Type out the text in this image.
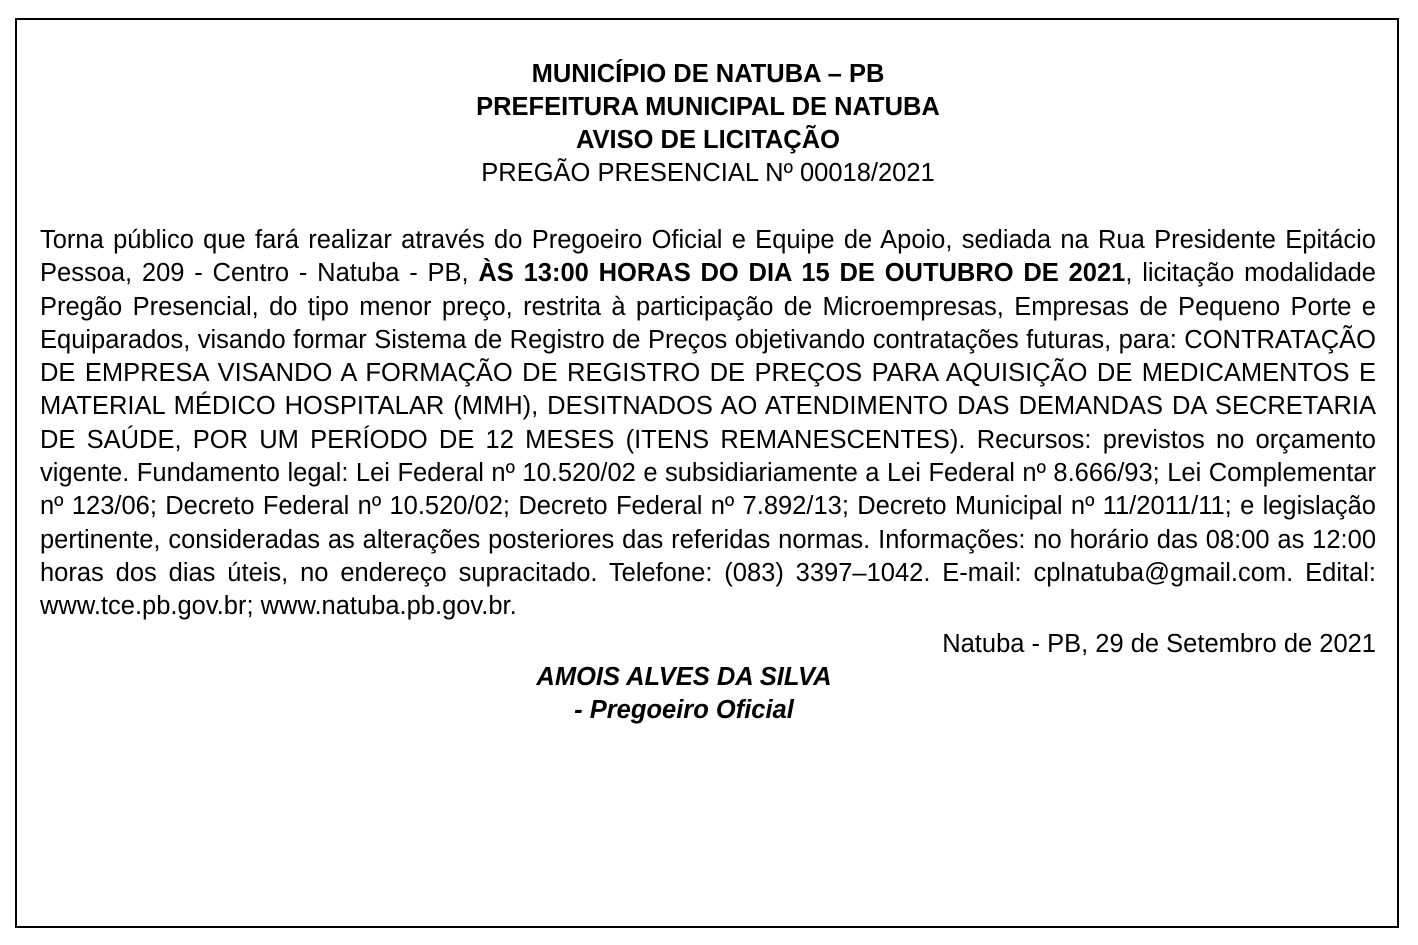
MUNICÍPIO DE NATUBA – PB
PREFEITURA MUNICIPAL DE NATUBA
AVISO DE LICITAÇÃO
PREGÃO PRESENCIAL Nº 00018/2021
Torna público que fará realizar através do Pregoeiro Oficial e Equipe de Apoio, sediada na Rua Presidente Epitácio Pessoa, 209 - Centro - Natuba - PB, ÀS 13:00 HORAS DO DIA 15 DE OUTUBRO DE 2021, licitação modalidade Pregão Presencial, do tipo menor preço, restrita à participação de Microempresas, Empresas de Pequeno Porte e Equiparados, visando formar Sistema de Registro de Preços objetivando contratações futuras, para: CONTRATAÇÃO DE EMPRESA VISANDO A FORMAÇÃO DE REGISTRO DE PREÇOS PARA AQUISIÇÃO DE MEDICAMENTOS E MATERIAL MÉDICO HOSPITALAR (MMH), DESITNADOS AO ATENDIMENTO DAS DEMANDAS DA SECRETARIA DE SAÚDE, POR UM PERÍODO DE 12 MESES (ITENS REMANESCENTES). Recursos: previstos no orçamento vigente. Fundamento legal: Lei Federal nº 10.520/02 e subsidiariamente a Lei Federal nº 8.666/93; Lei Complementar nº 123/06; Decreto Federal nº 10.520/02; Decreto Federal nº 7.892/13; Decreto Municipal nº 11/2011/11; e legislação pertinente, consideradas as alterações posteriores das referidas normas. Informações: no horário das 08:00 as 12:00 horas dos dias úteis, no endereço supracitado. Telefone: (083) 3397–1042. E-mail: cplnatuba@gmail.com. Edital: www.tce.pb.gov.br; www.natuba.pb.gov.br.
Natuba - PB, 29 de Setembro de 2021
AMOIS ALVES DA SILVA
- Pregoeiro Oficial
